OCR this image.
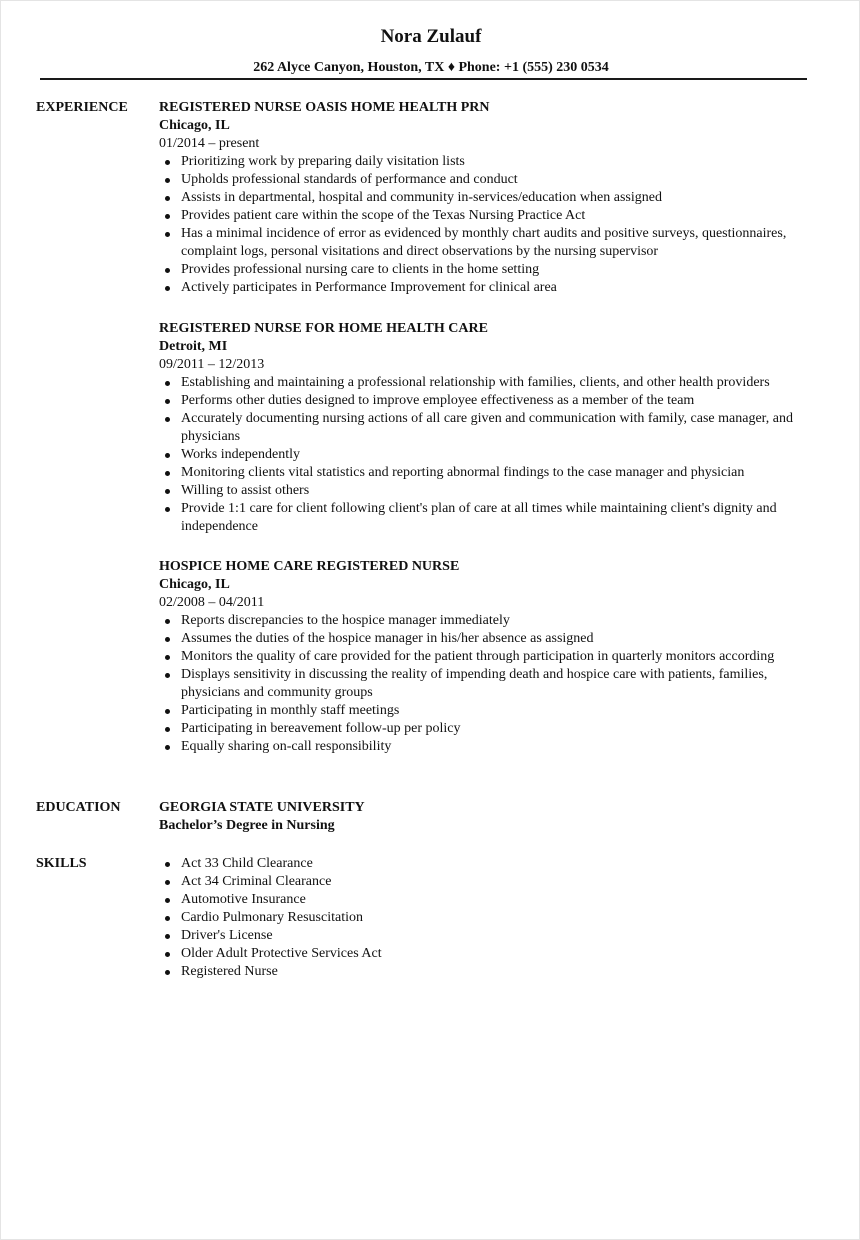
Nora Zulauf
262 Alyce Canyon, Houston, TX ♦ Phone: +1 (555) 230 0534
EXPERIENCE REGISTERED NURSE OASIS HOME HEALTH PRN
Chicago, IL
01/2014 – present
Prioritizing work by preparing daily visitation lists
Upholds professional standards of performance and conduct
Assists in departmental, hospital and community in-services/education when assigned
Provides patient care within the scope of the Texas Nursing Practice Act
Has a minimal incidence of error as evidenced by monthly chart audits and positive surveys, questionnaires, complaint logs, personal visitations and direct observations by the nursing supervisor
Provides professional nursing care to clients in the home setting
Actively participates in Performance Improvement for clinical area
REGISTERED NURSE FOR HOME HEALTH CARE
Detroit, MI
09/2011 – 12/2013
Establishing and maintaining a professional relationship with families, clients, and other health providers
Performs other duties designed to improve employee effectiveness as a member of the team
Accurately documenting nursing actions of all care given and communication with family, case manager, and physicians
Works independently
Monitoring clients vital statistics and reporting abnormal findings to the case manager and physician
Willing to assist others
Provide 1:1 care for client following client's plan of care at all times while maintaining client's dignity and independence
HOSPICE HOME CARE REGISTERED NURSE
Chicago, IL
02/2008 – 04/2011
Reports discrepancies to the hospice manager immediately
Assumes the duties of the hospice manager in his/her absence as assigned
Monitors the quality of care provided for the patient through participation in quarterly monitors according
Displays sensitivity in discussing the reality of impending death and hospice care with patients, families, physicians and community groups
Participating in monthly staff meetings
Participating in bereavement follow-up per policy
Equally sharing on-call responsibility
EDUCATION	GEORGIA STATE UNIVERSITY
Bachelor’s Degree in Nursing
SKILLS	Act 33 Child Clearance
Act 34 Criminal Clearance
Automotive Insurance
Cardio Pulmonary Resuscitation
Driver's License
Older Adult Protective Services Act
Registered Nurse
